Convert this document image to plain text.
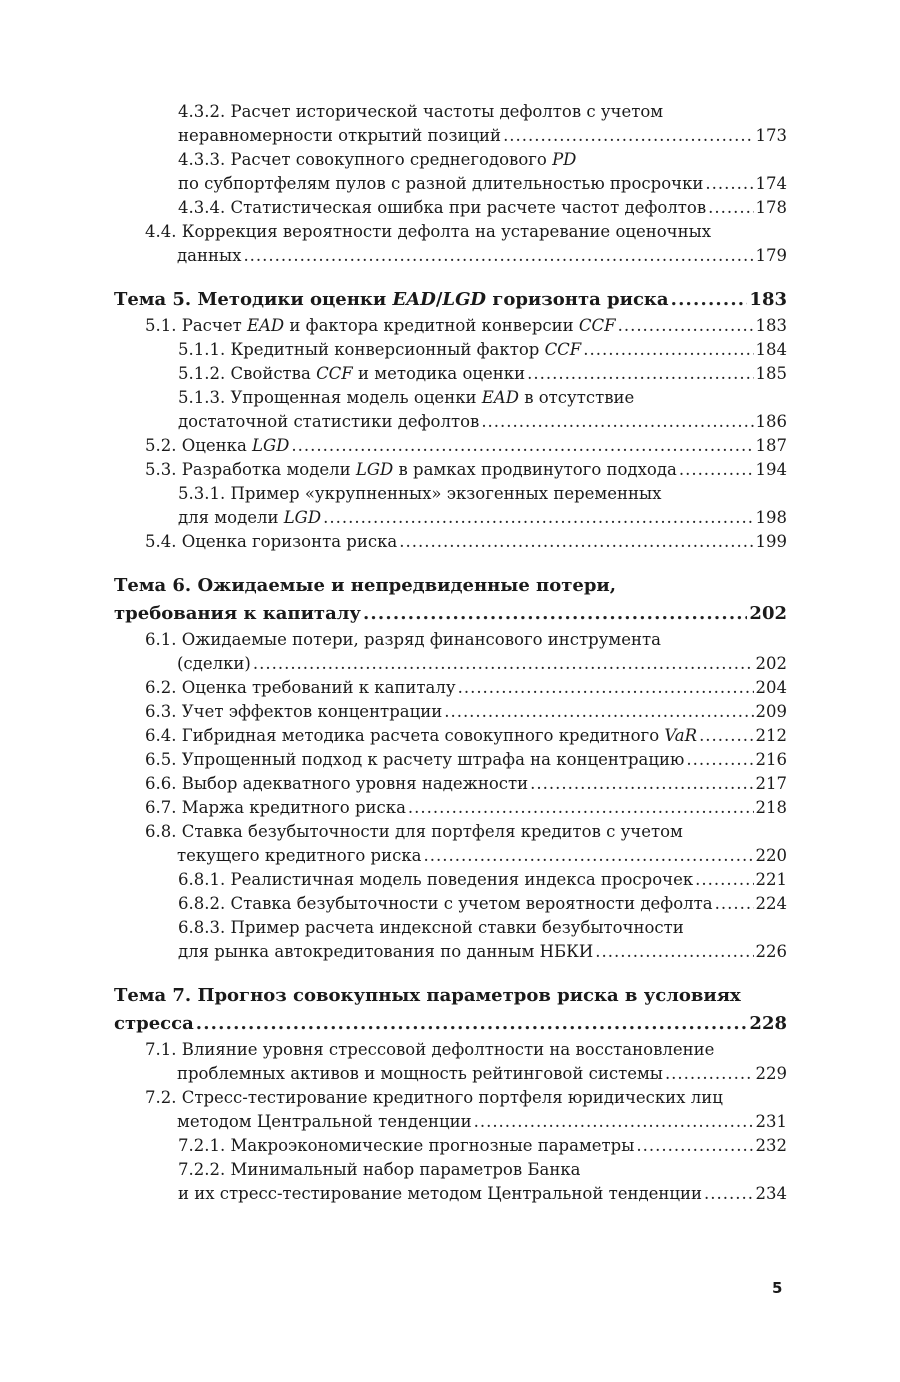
4.3.2. Расчет исторической частоты дефолтов с учетом
неравномерности открытий позиций .....	173
4.3.3. Расчет совокупного среднегодового PD
по субпортфелям пулов с разной длительностью просрочки .....	174
4.3.4. Статистическая ошибка при расчете частот дефолтов .....	178
4.4. Коррекция вероятности дефолта на устаревание оценочных
данных .....	179
Тема 5. Методики оценки EAD/LGD горизонта риска .....	183
5.1. Расчет EAD и фактора кредитной конверсии CCF .....	183
5.1.1. Кредитный конверсионный фактор CCF .....	184
5.1.2. Свойства CCF и методика оценки .....	185
5.1.3. Упрощенная модель оценки EAD в отсутствие
достаточной статистики дефолтов .....	186
5.2. Оценка LGD .....	187
5.3. Разработка модели LGD в рамках продвинутого подхода .....	194
5.3.1. Пример «укрупненных» экзогенных переменных
для модели LGD .....	198
5.4. Оценка горизонта риска .....	199
Тема 6. Ожидаемые и непредвиденные потери,
требования к капиталу .....	202
6.1. Ожидаемые потери, разряд финансового инструмента
(сделки) .....	202
6.2. Оценка требований к капиталу .....	204
6.3. Учет эффектов концентрации .....	209
6.4. Гибридная методика расчета совокупного кредитного VaR .....	212
6.5. Упрощенный подход к расчету штрафа на концентрацию .....	216
6.6. Выбор адекватного уровня надежности .....	217
6.7. Маржа кредитного риска .....	218
6.8. Ставка безубыточности для портфеля кредитов с учетом
текущего кредитного риска .....	220
6.8.1. Реалистичная модель поведения индекса просрочек .....	221
6.8.2. Ставка безубыточности с учетом вероятности дефолта .....	224
6.8.3. Пример расчета индексной ставки безубыточности
для рынка автокредитования по данным НБКИ .....	226
Тема 7. Прогноз совокупных параметров риска в условиях
стресса .....	228
7.1. Влияние уровня стрессовой дефолтности на восстановление
проблемных активов и мощность рейтинговой системы .....	229
7.2. Стресс-тестирование кредитного портфеля юридических лиц
методом Центральной тенденции .....	231
7.2.1. Макроэкономические прогнозные параметры .....	232
7.2.2. Минимальный набор параметров Банка
и их стресс-тестирование методом Центральной тенденции .....	234
5
